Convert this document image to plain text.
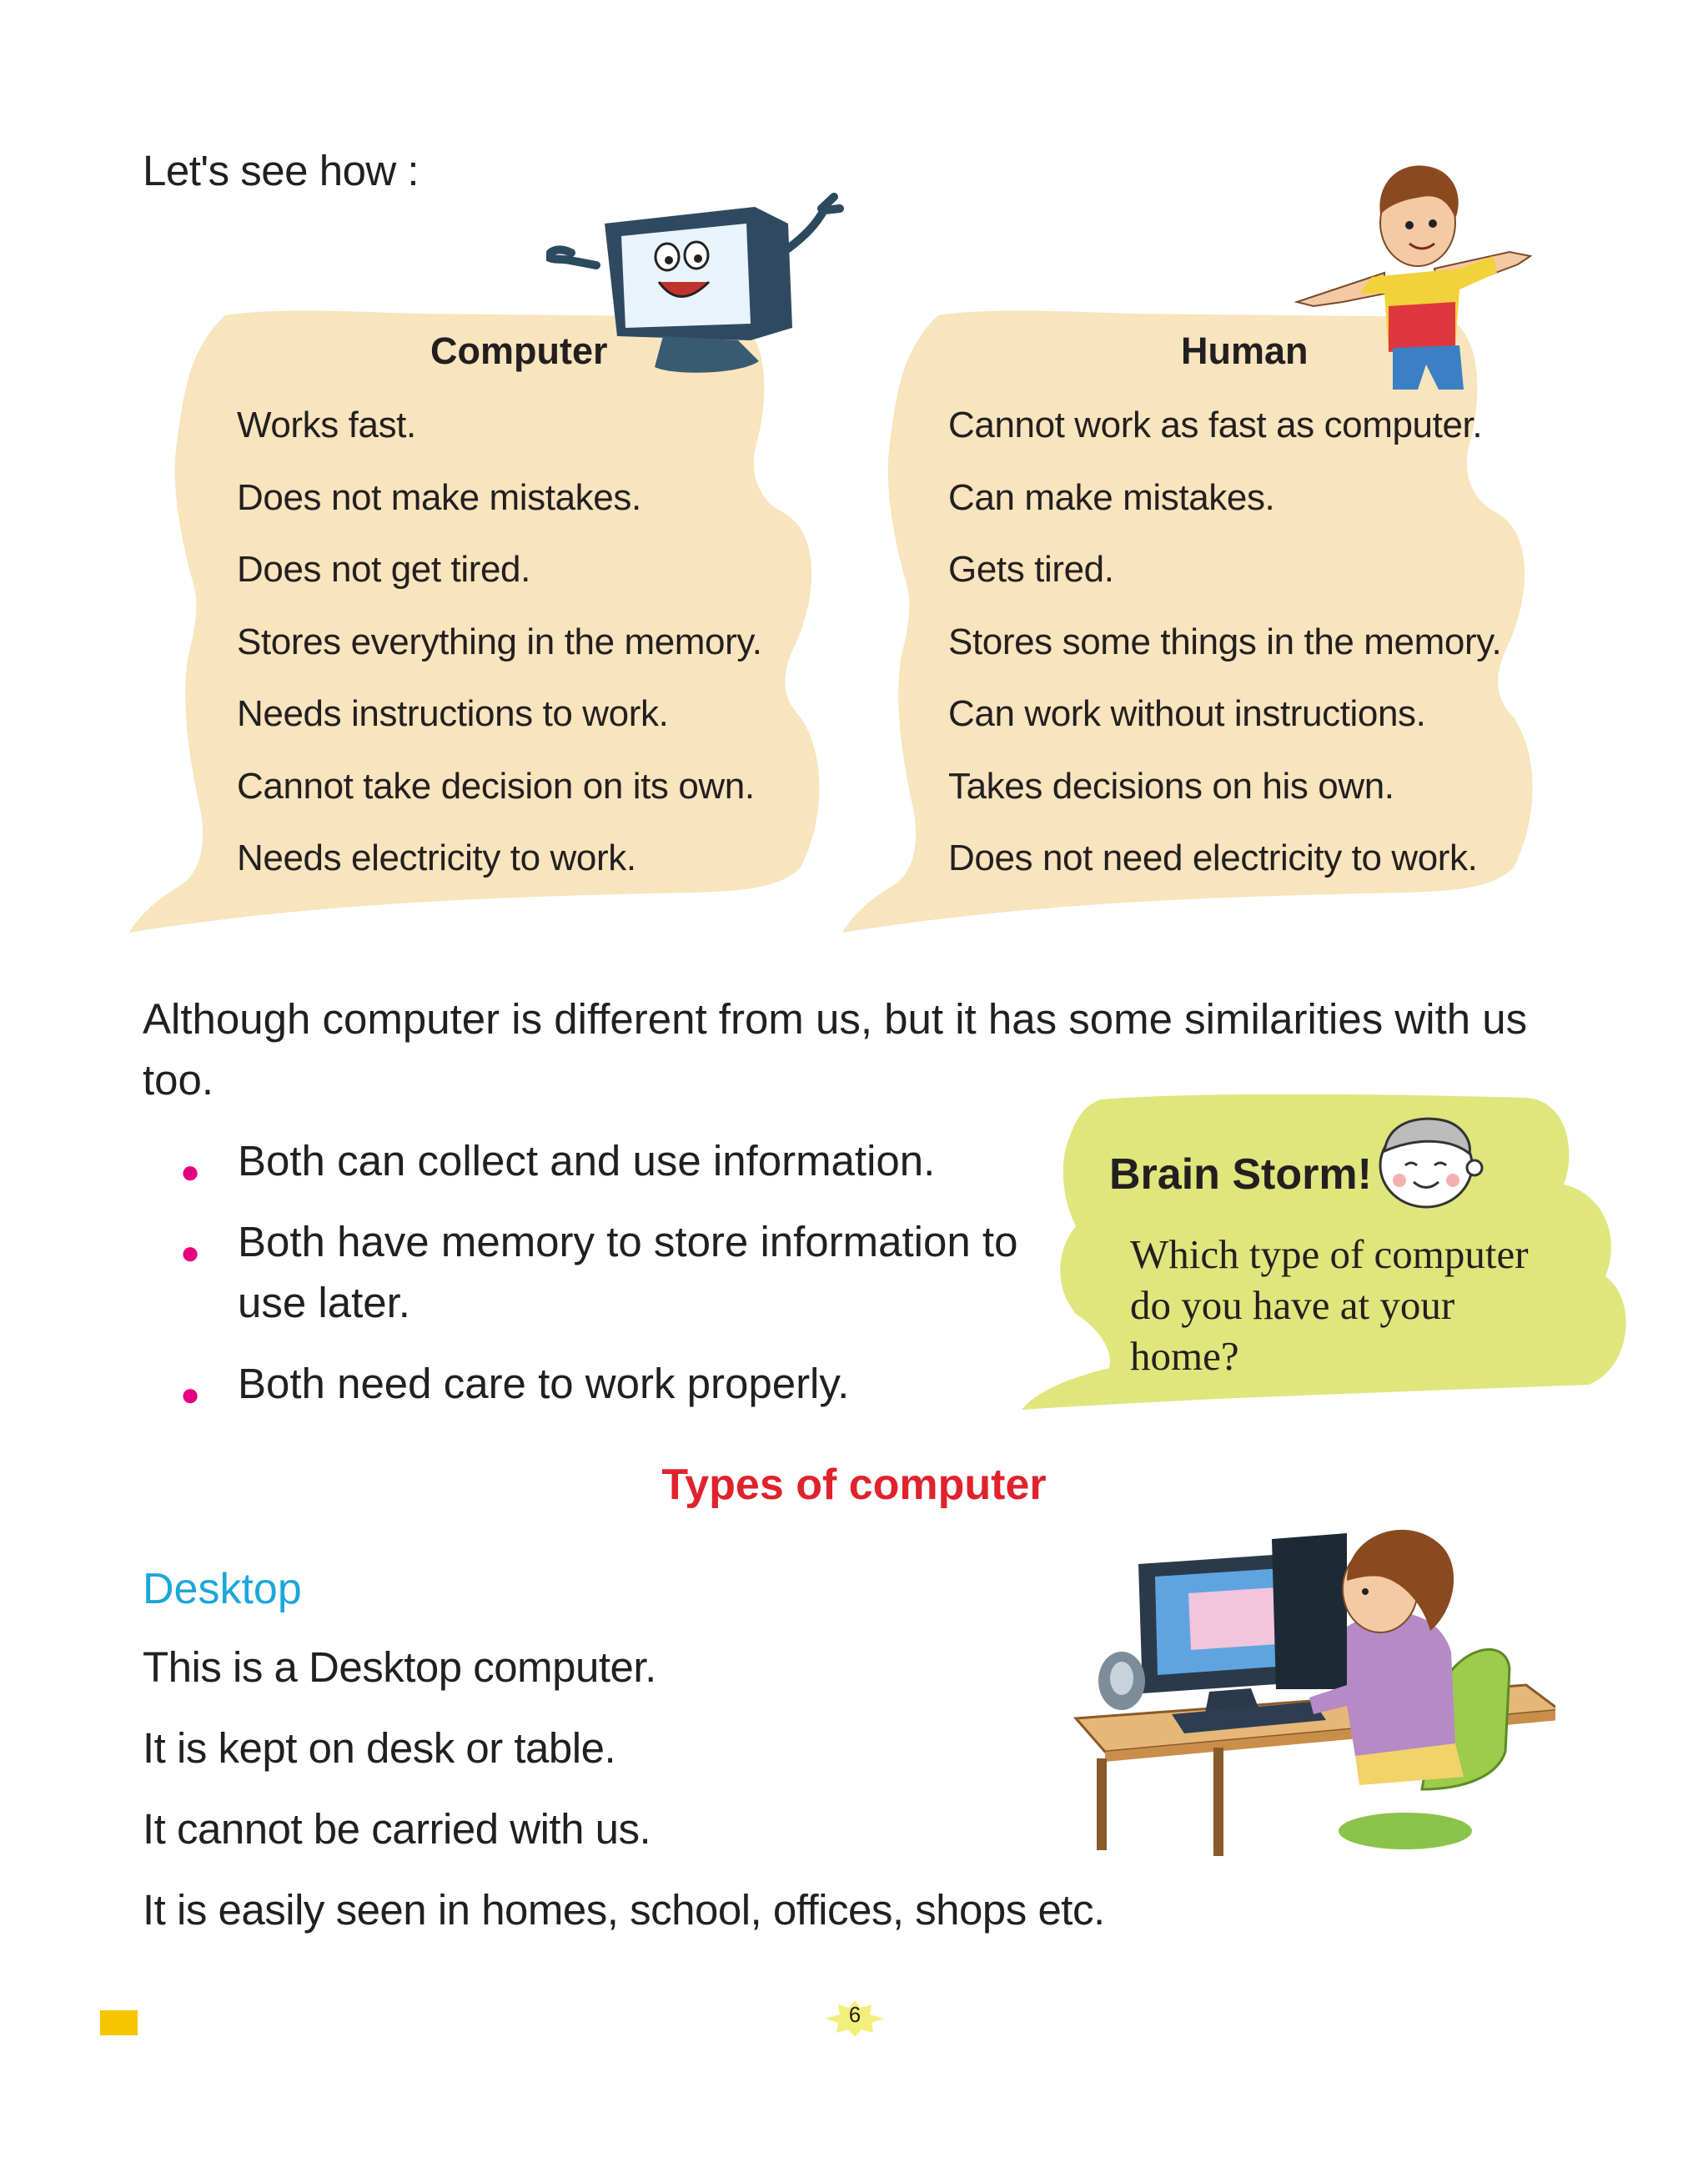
Let's see how :
Computer	Human
Works fast.
Does not make mistakes.
Does not get tired.
Stores everything in the memory.
Needs instructions to work.
Cannot take decision on its own.
Needs electricity to work.
Cannot work as fast as computer.
Can make mistakes.
Gets tired.
Stores some things in the memory.
Can work without instructions.
Takes decisions on his own.
Does not need electricity to work.
Although computer is different from us, but it has some similarities with us too.
● Both can collect and use information.
● Both have memory to store information to use later.
● Both need care to work properly.
Brain Storm!
Which type of computer do you have at your home?
Types of computer
Desktop
This is a Desktop computer.
It is kept on desk or table.
It cannot be carried with us.
It is easily seen in homes, school, offices, shops etc.
6
